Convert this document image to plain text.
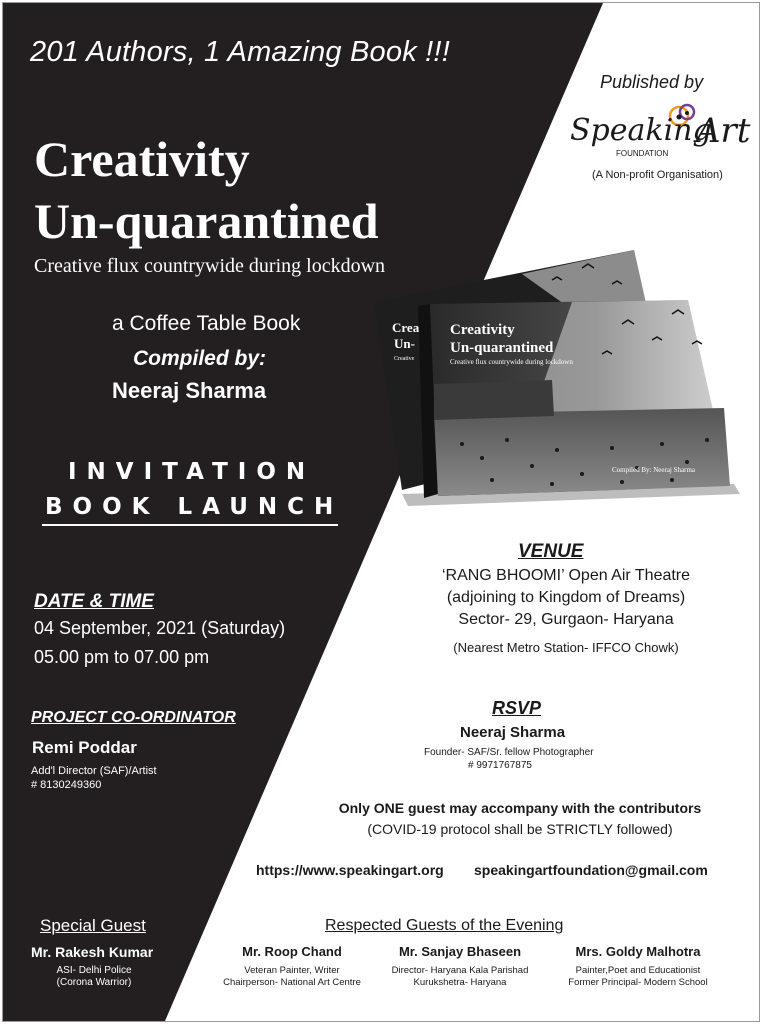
201 Authors, 1 Amazing Book !!!
Creativity
Un-quarantined
Creative flux countrywide during lockdown
a Coffee Table Book
Compiled by:
Neeraj Sharma
INVITATION
BOOK LAUNCH
DATE & TIME
04 September, 2021 (Saturday)
05.00 pm to 07.00 pm
PROJECT CO-ORDINATOR
Remi Poddar
Add'l Director (SAF)/Artist
# 8130249360
Special Guest
Mr. Rakesh Kumar
ASI- Delhi Police
(Corona Warrior)
Published by
Speaking
Art
FOUNDATION
(A Non-profit Organisation)
Creativity
Un-quarantined
Creative flux countrywide during lockdown
Crea
Un-
Creative
Compiled By: Neeraj Sharma
VENUE
‘RANG BHOOMI’ Open Air Theatre
(adjoining to Kingdom of Dreams)
Sector- 29, Gurgaon- Haryana
(Nearest Metro Station- IFFCO Chowk)
RSVP
Neeraj Sharma
Founder- SAF/Sr. fellow Photographer
# 9971767875
Only ONE guest may accompany with the contributors
(COVID-19 protocol shall be STRICTLY followed)
https://www.speakingart.org speakingartfoundation@gmail.com
Respected Guests of the Evening
Mr. Roop Chand
Veteran Painter, Writer
Chairperson- National Art Centre
Mr. Sanjay Bhaseen
Director- Haryana Kala Parishad
Kurukshetra- Haryana
Mrs. Goldy Malhotra
Painter,Poet and Educationist
Former Principal- Modern School
